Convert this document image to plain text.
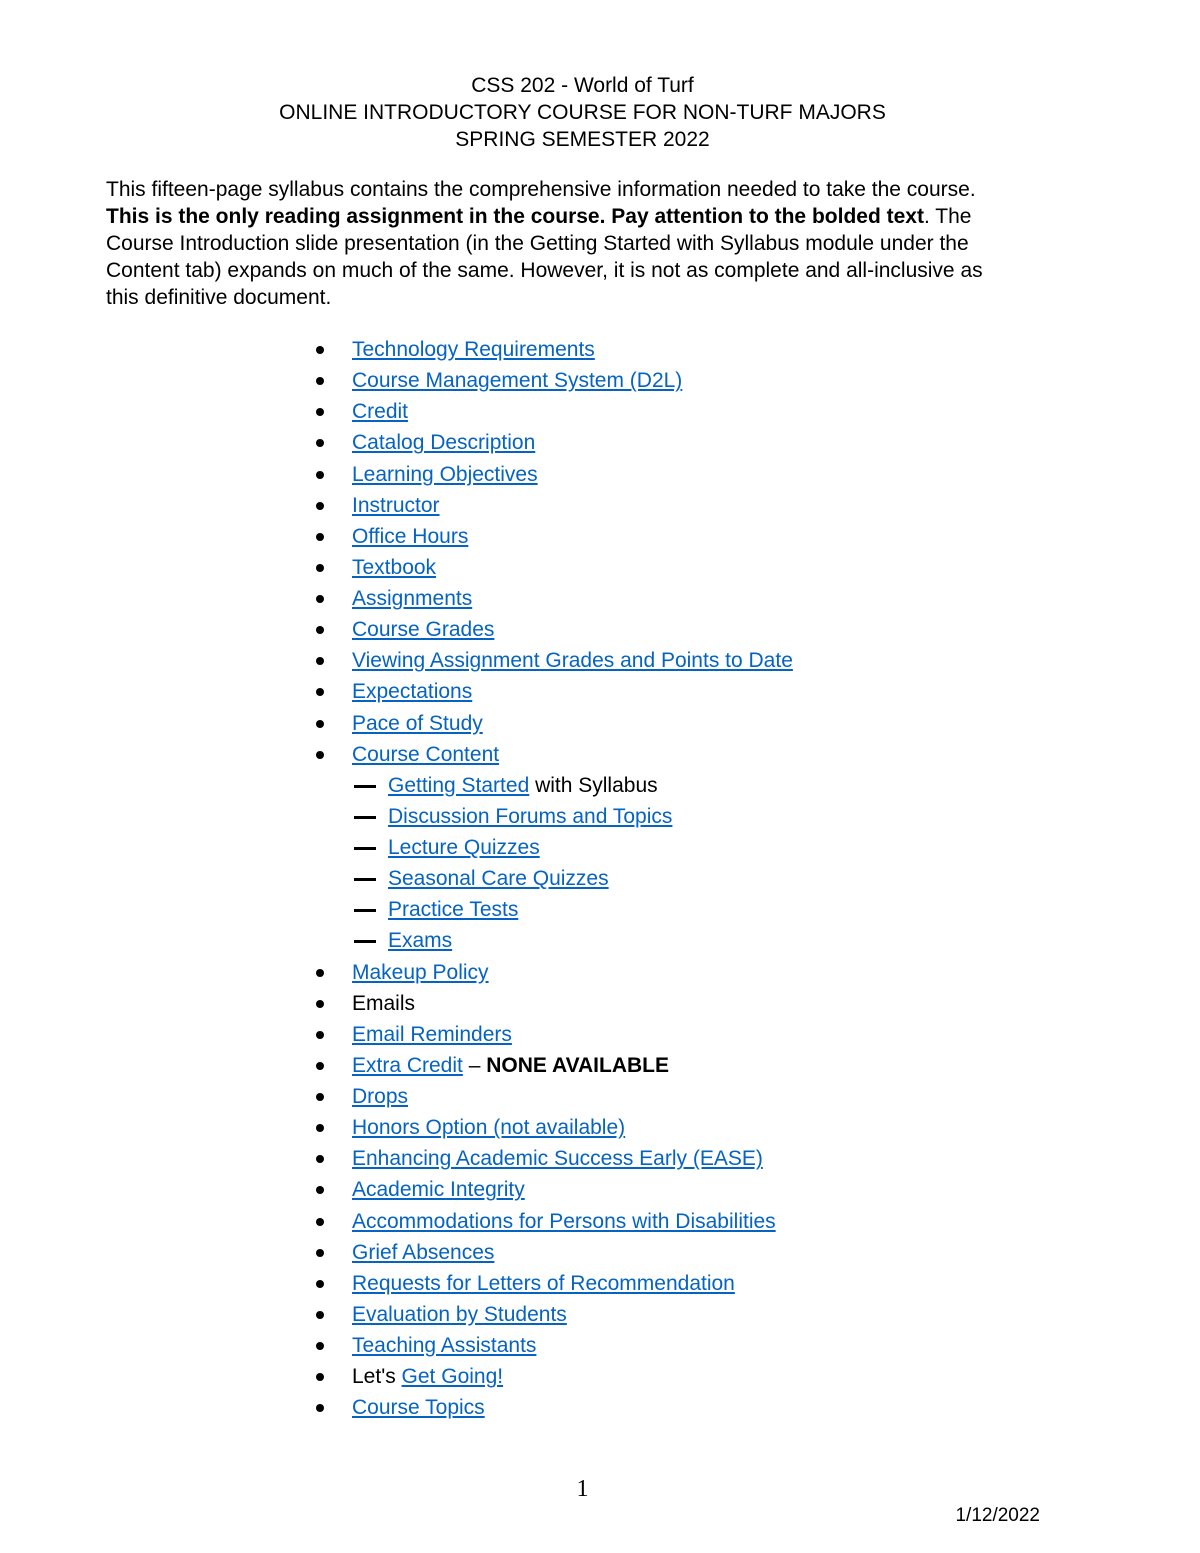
CSS 202 - World of Turf
ONLINE INTRODUCTORY COURSE FOR NON-TURF MAJORS
SPRING SEMESTER 2022

This fifteen-page syllabus contains the comprehensive information needed to take the course. This is the only reading assignment in the course. Pay attention to the bolded text. The Course Introduction slide presentation (in the Getting Started with Syllabus module under the Content tab) expands on much of the same. However, it is not as complete and all-inclusive as this definitive document.

Technology Requirements
Course Management System (D2L)
Credit
Catalog Description
Learning Objectives
Instructor
Office Hours
Textbook
Assignments
Course Grades
Viewing Assignment Grades and Points to Date
Expectations
Pace of Study
Course Content
Getting Started with Syllabus
Discussion Forums and Topics
Lecture Quizzes
Seasonal Care Quizzes
Practice Tests
Exams
Makeup Policy
Emails
Email Reminders
Extra Credit – NONE AVAILABLE
Drops
Honors Option (not available)
Enhancing Academic Success Early (EASE)
Academic Integrity
Accommodations for Persons with Disabilities
Grief Absences
Requests for Letters of Recommendation
Evaluation by Students
Teaching Assistants
Let's Get Going!
Course Topics
1
1/12/2022
